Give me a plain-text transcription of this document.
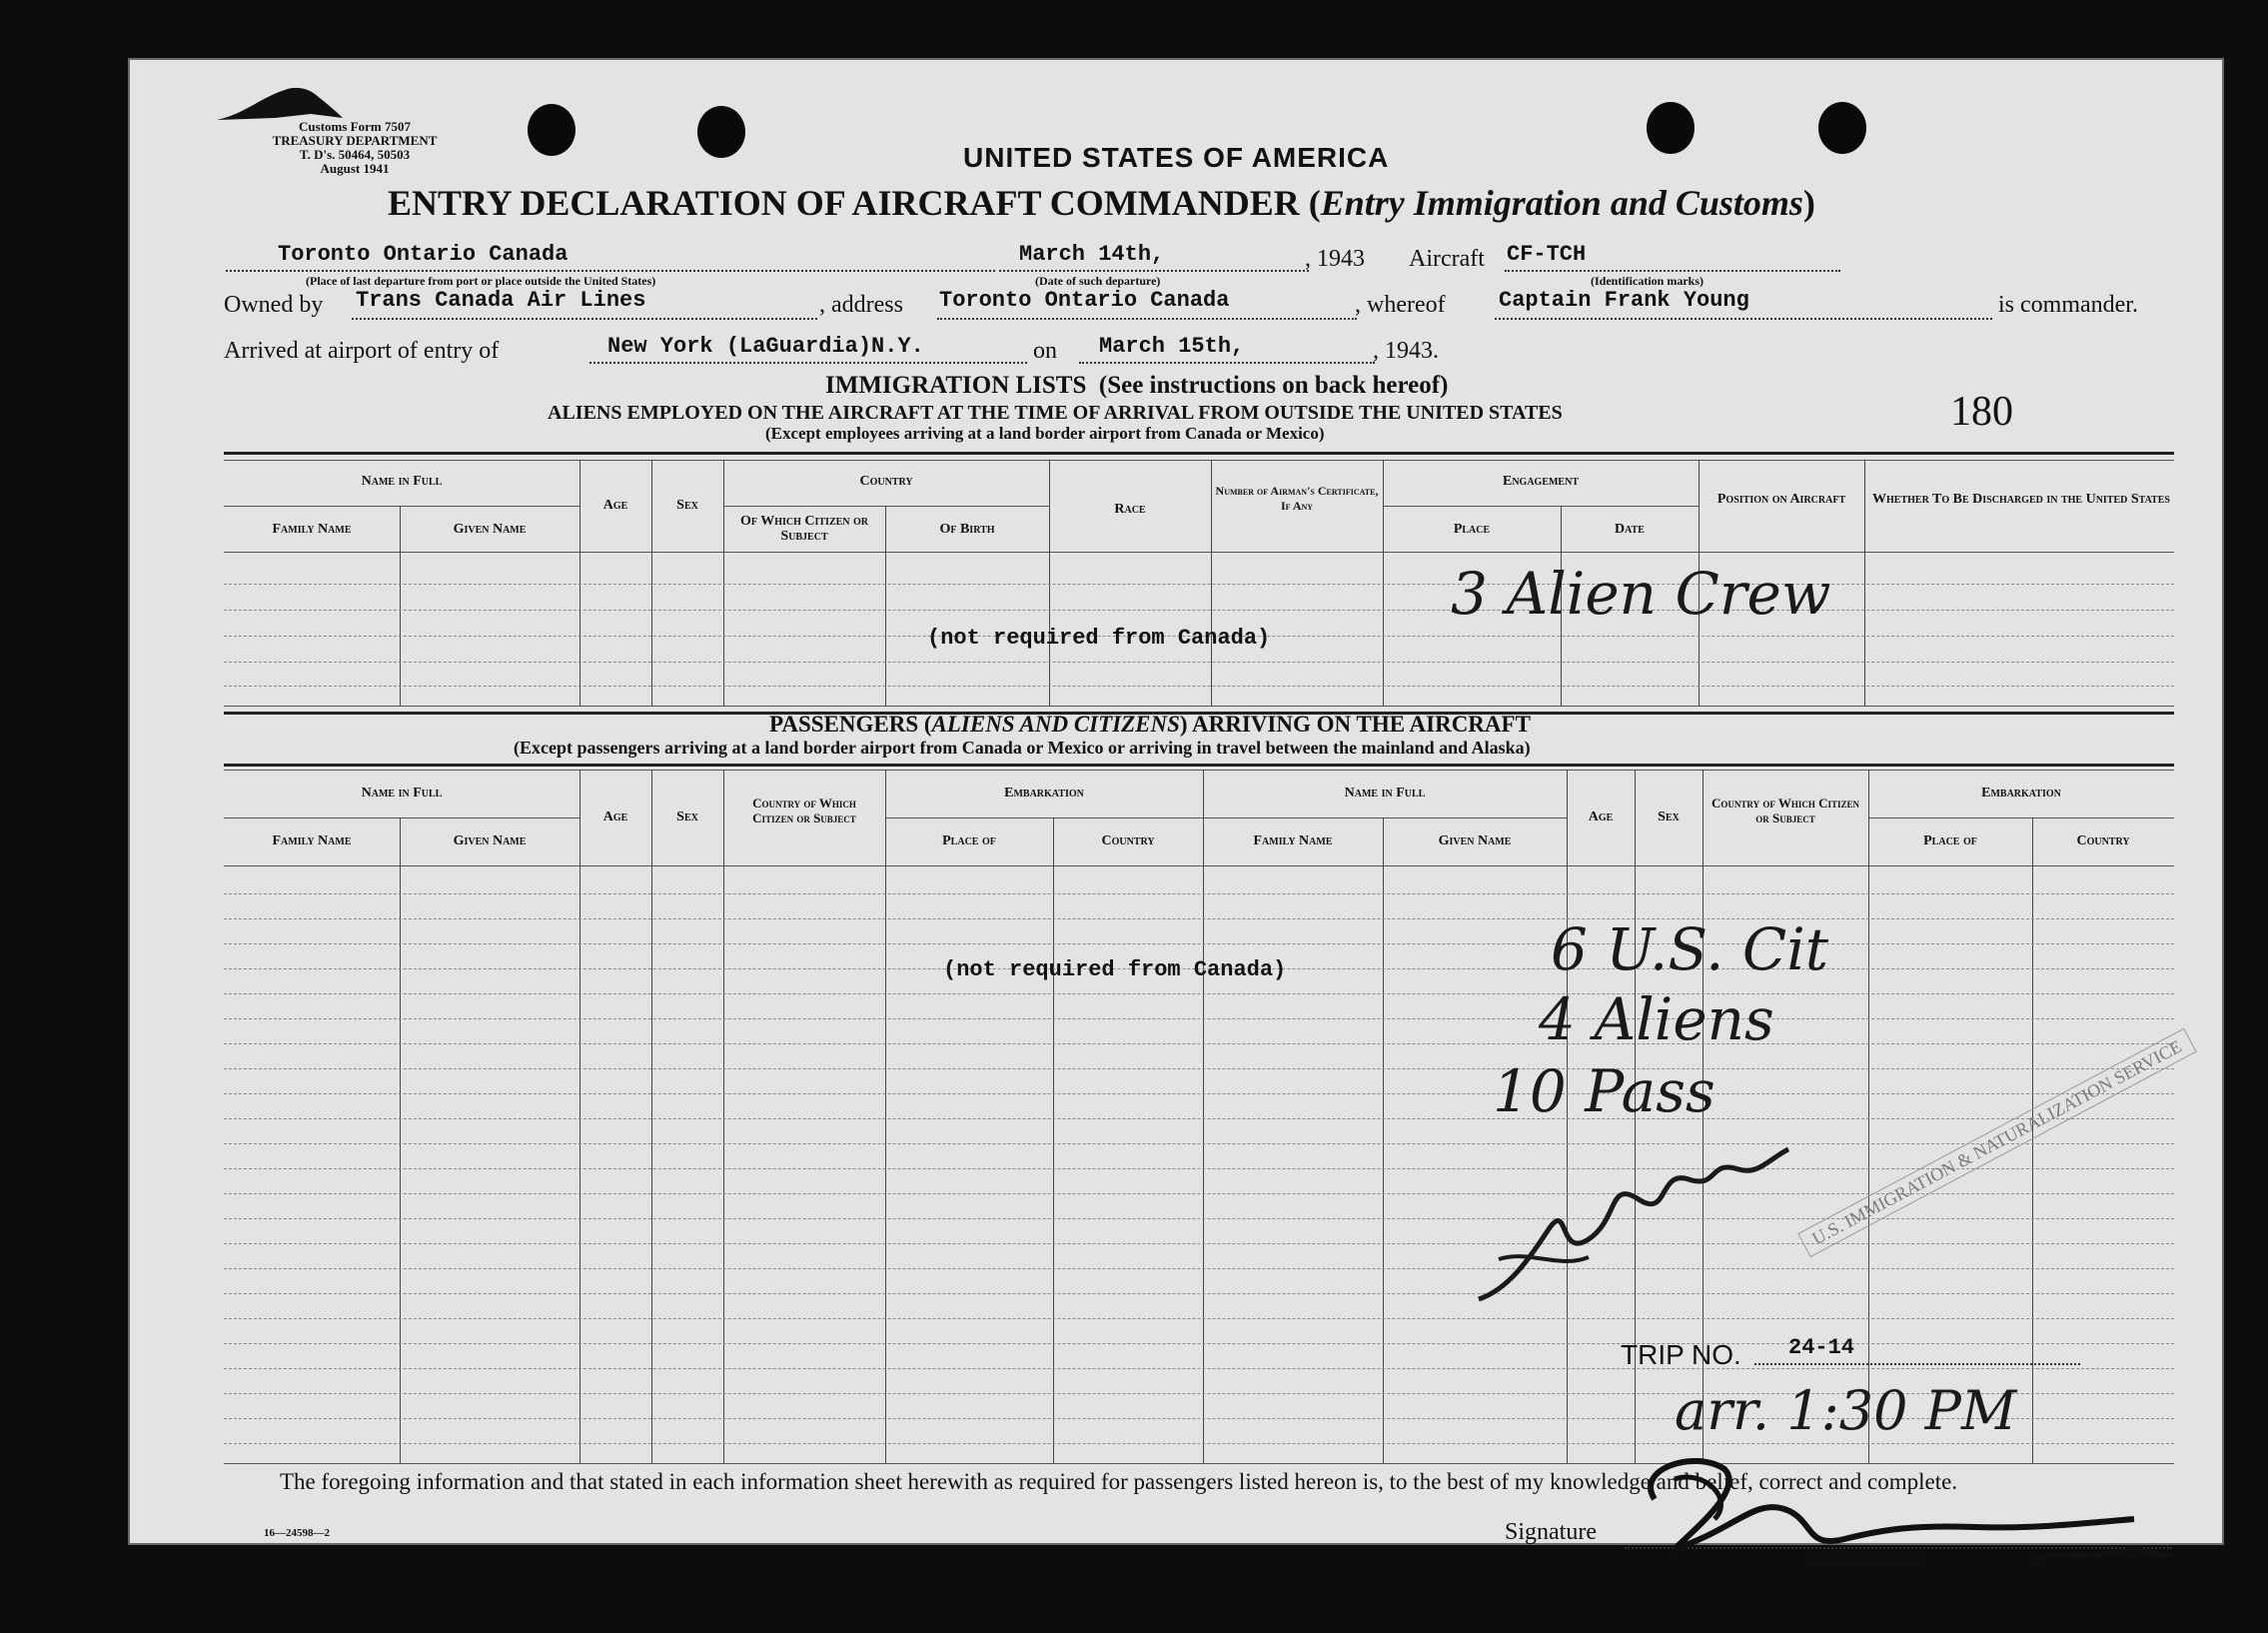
Customs Form 7507
TREASURY DEPARTMENT
T. D's. 50464, 50503
August 1941	UNITED STATES OF AMERICA
ENTRY DECLARATION OF AIRCRAFT COMMANDER (Entry Immigration and Customs)
Toronto Ontario Canada
(Place of last departure from port or place outside the United States)
March 14th,
(Date of such departure)
, 1943 Aircraft CF-TCH
(Identification marks)
Owned by Trans Canada Air Lines	, address Toronto Ontario Canada	, whereof Captain Frank Young	is commander.
Arrived at airport of entry of	New York (LaGuardia)N.Y.	on March 15th,	, 1943.
IMMIGRATION LISTS (See instructions on back hereof)
ALIENS EMPLOYED ON THE AIRCRAFT AT THE TIME OF ARRIVAL FROM OUTSIDE THE UNITED STATES
(Except employees arriving at a land border airport from Canada or Mexico)	180
Name in Full
Family Name	Given Name
Age	Sex
Country
Of Which Citizen or Subject	Of Birth
Race
Number of Airman's Certificate, If Any
Engagement
Place	Date
Position on Aircraft	Whether To Be Discharged in the United States
(not required from Canada)
3 Alien Crew
PASSENGERS (ALIENS AND CITIZENS) ARRIVING ON THE AIRCRAFT
(Except passengers arriving at a land border airport from Canada or Mexico or arriving in travel between the mainland and Alaska)
Name in Full
Family Name	Given Name
Age	Sex
Country of Which Citizen or Subject
Embarkation
Place of	Country
Name in Full
Family Name	Given Name
Age	Sex
Country of Which Citizen or Subject
Embarkation
Place of	Country
(not required from Canada)	6 U.S. Cit
4 Aliens
10 Pass	U.S. IMMIGRATION & NATURALIZATION SERVICE
TRIP NO. 24-14
arr. 1:30 PM
The foregoing information and that stated in each information sheet herewith as required for passengers listed hereon is, to the best of my knowledge and belief, correct and complete.
16—24598—2	Signature
(Aircraft commander)
